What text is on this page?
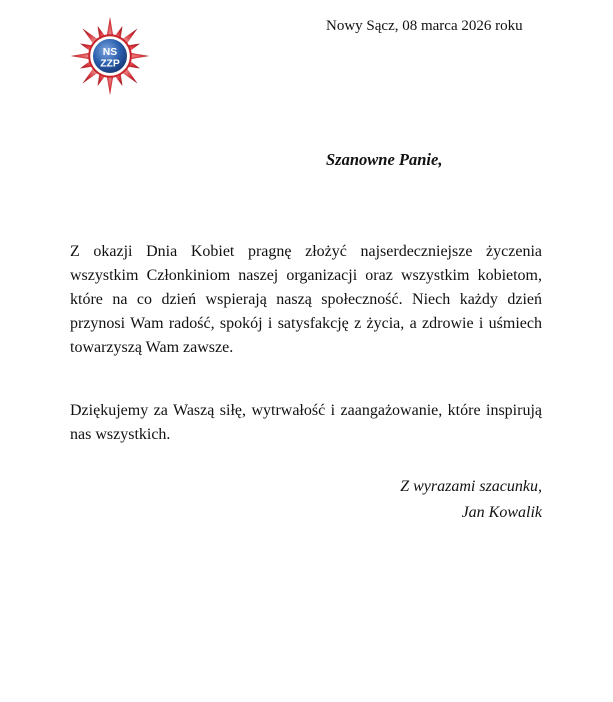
NS
ZZP
Nowy Sącz, 08 marca 2026 roku
Szanowne Panie,

Z okazji Dnia Kobiet pragnę złożyć najserdeczniejsze życzenia wszystkim Członkiniom naszej organizacji oraz wszystkim kobietom, które na co dzień wspierają naszą społeczność. Niech każdy dzień przynosi Wam radość, spokój i satysfakcję z życia, a zdrowie i uśmiech towarzyszą Wam zawsze.

Dziękujemy za Waszą siłę, wytrwałość i zaangażowanie, które inspirują nas wszystkich.

Z wyrazami szacunku,
Jan Kowalik
